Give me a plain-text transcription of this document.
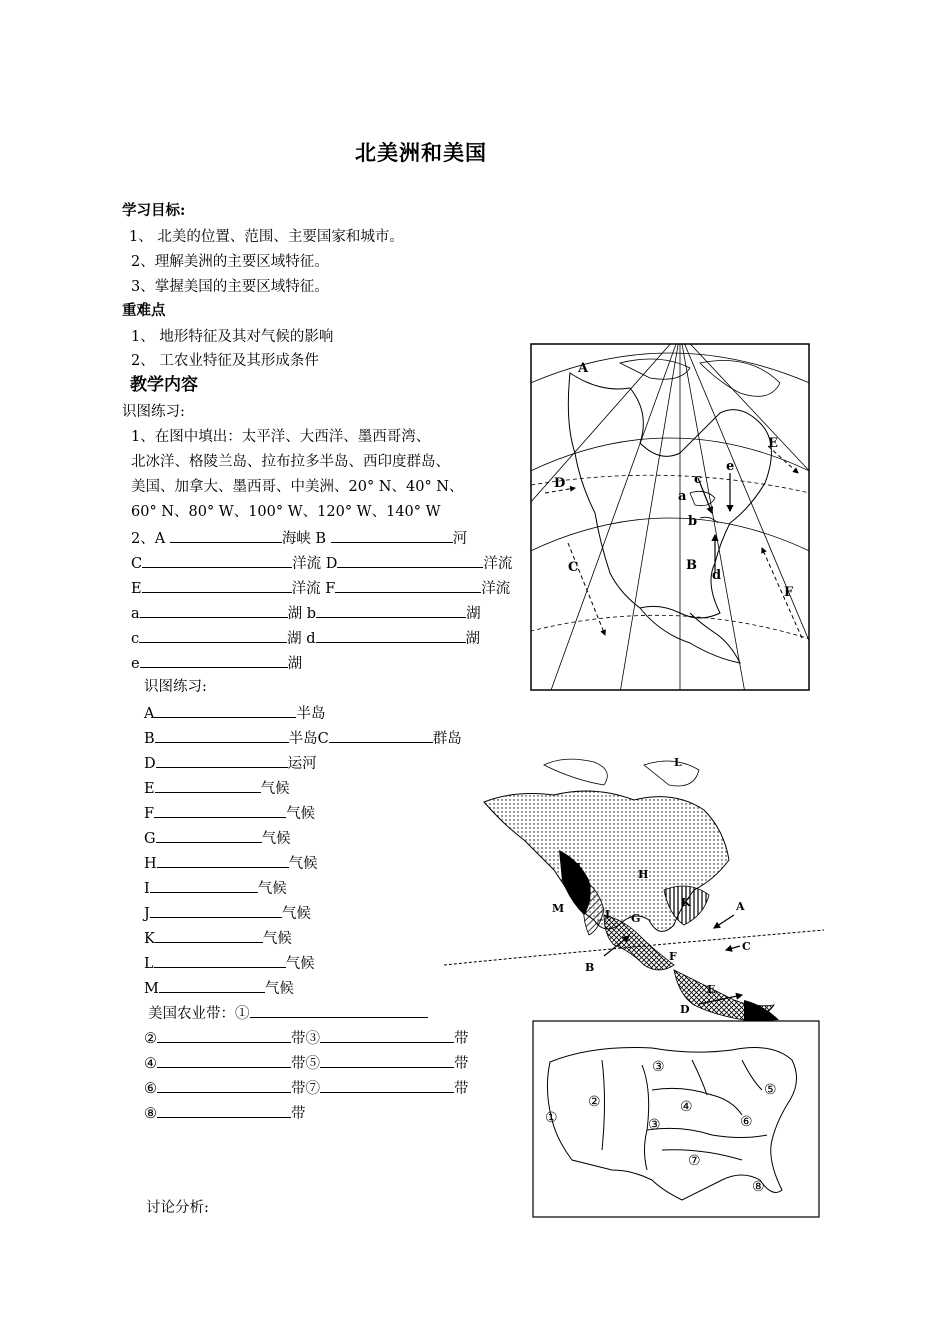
北美洲和美国
学习目标:
1、 北美的位置、范围、主要国家和城市。
2、理解美洲的主要区域特征。
3、掌握美国的主要区域特征。
重难点
1、 地形特征及其对气候的影响
2、 工农业特征及其形成条件
教学内容
识图练习:
1、在图中填出：太平洋、大西洋、墨西哥湾、
北冰洋、格陵兰岛、拉布拉多半岛、西印度群岛、
美国、加拿大、墨西哥、中美洲、20° N、40° N、
60° N、80° W、100° W、120° W、140° W
2、A	海峡 B	河
C	洋流 D	洋流
E	洋流 F	洋流
a	湖 b	湖
c	湖 d	湖
e	湖
识图练习:
A	半岛
B	半岛C	群岛
D	运河
E	气候
F	气候
G	气候
H	气候
I	气候
J	气候
K	气候
L	气候
M	气候
美国农业带：①
②	带③	带
④	带⑤	带
⑥	带⑦	带
⑧	带
讨论分析:
A
B
C
D
E
F
a
b
c
d
e
L
H
J
M	I G
K	A
B
C
F
E
D
①
②
③
③
④
⑤
⑥
⑦
⑧
